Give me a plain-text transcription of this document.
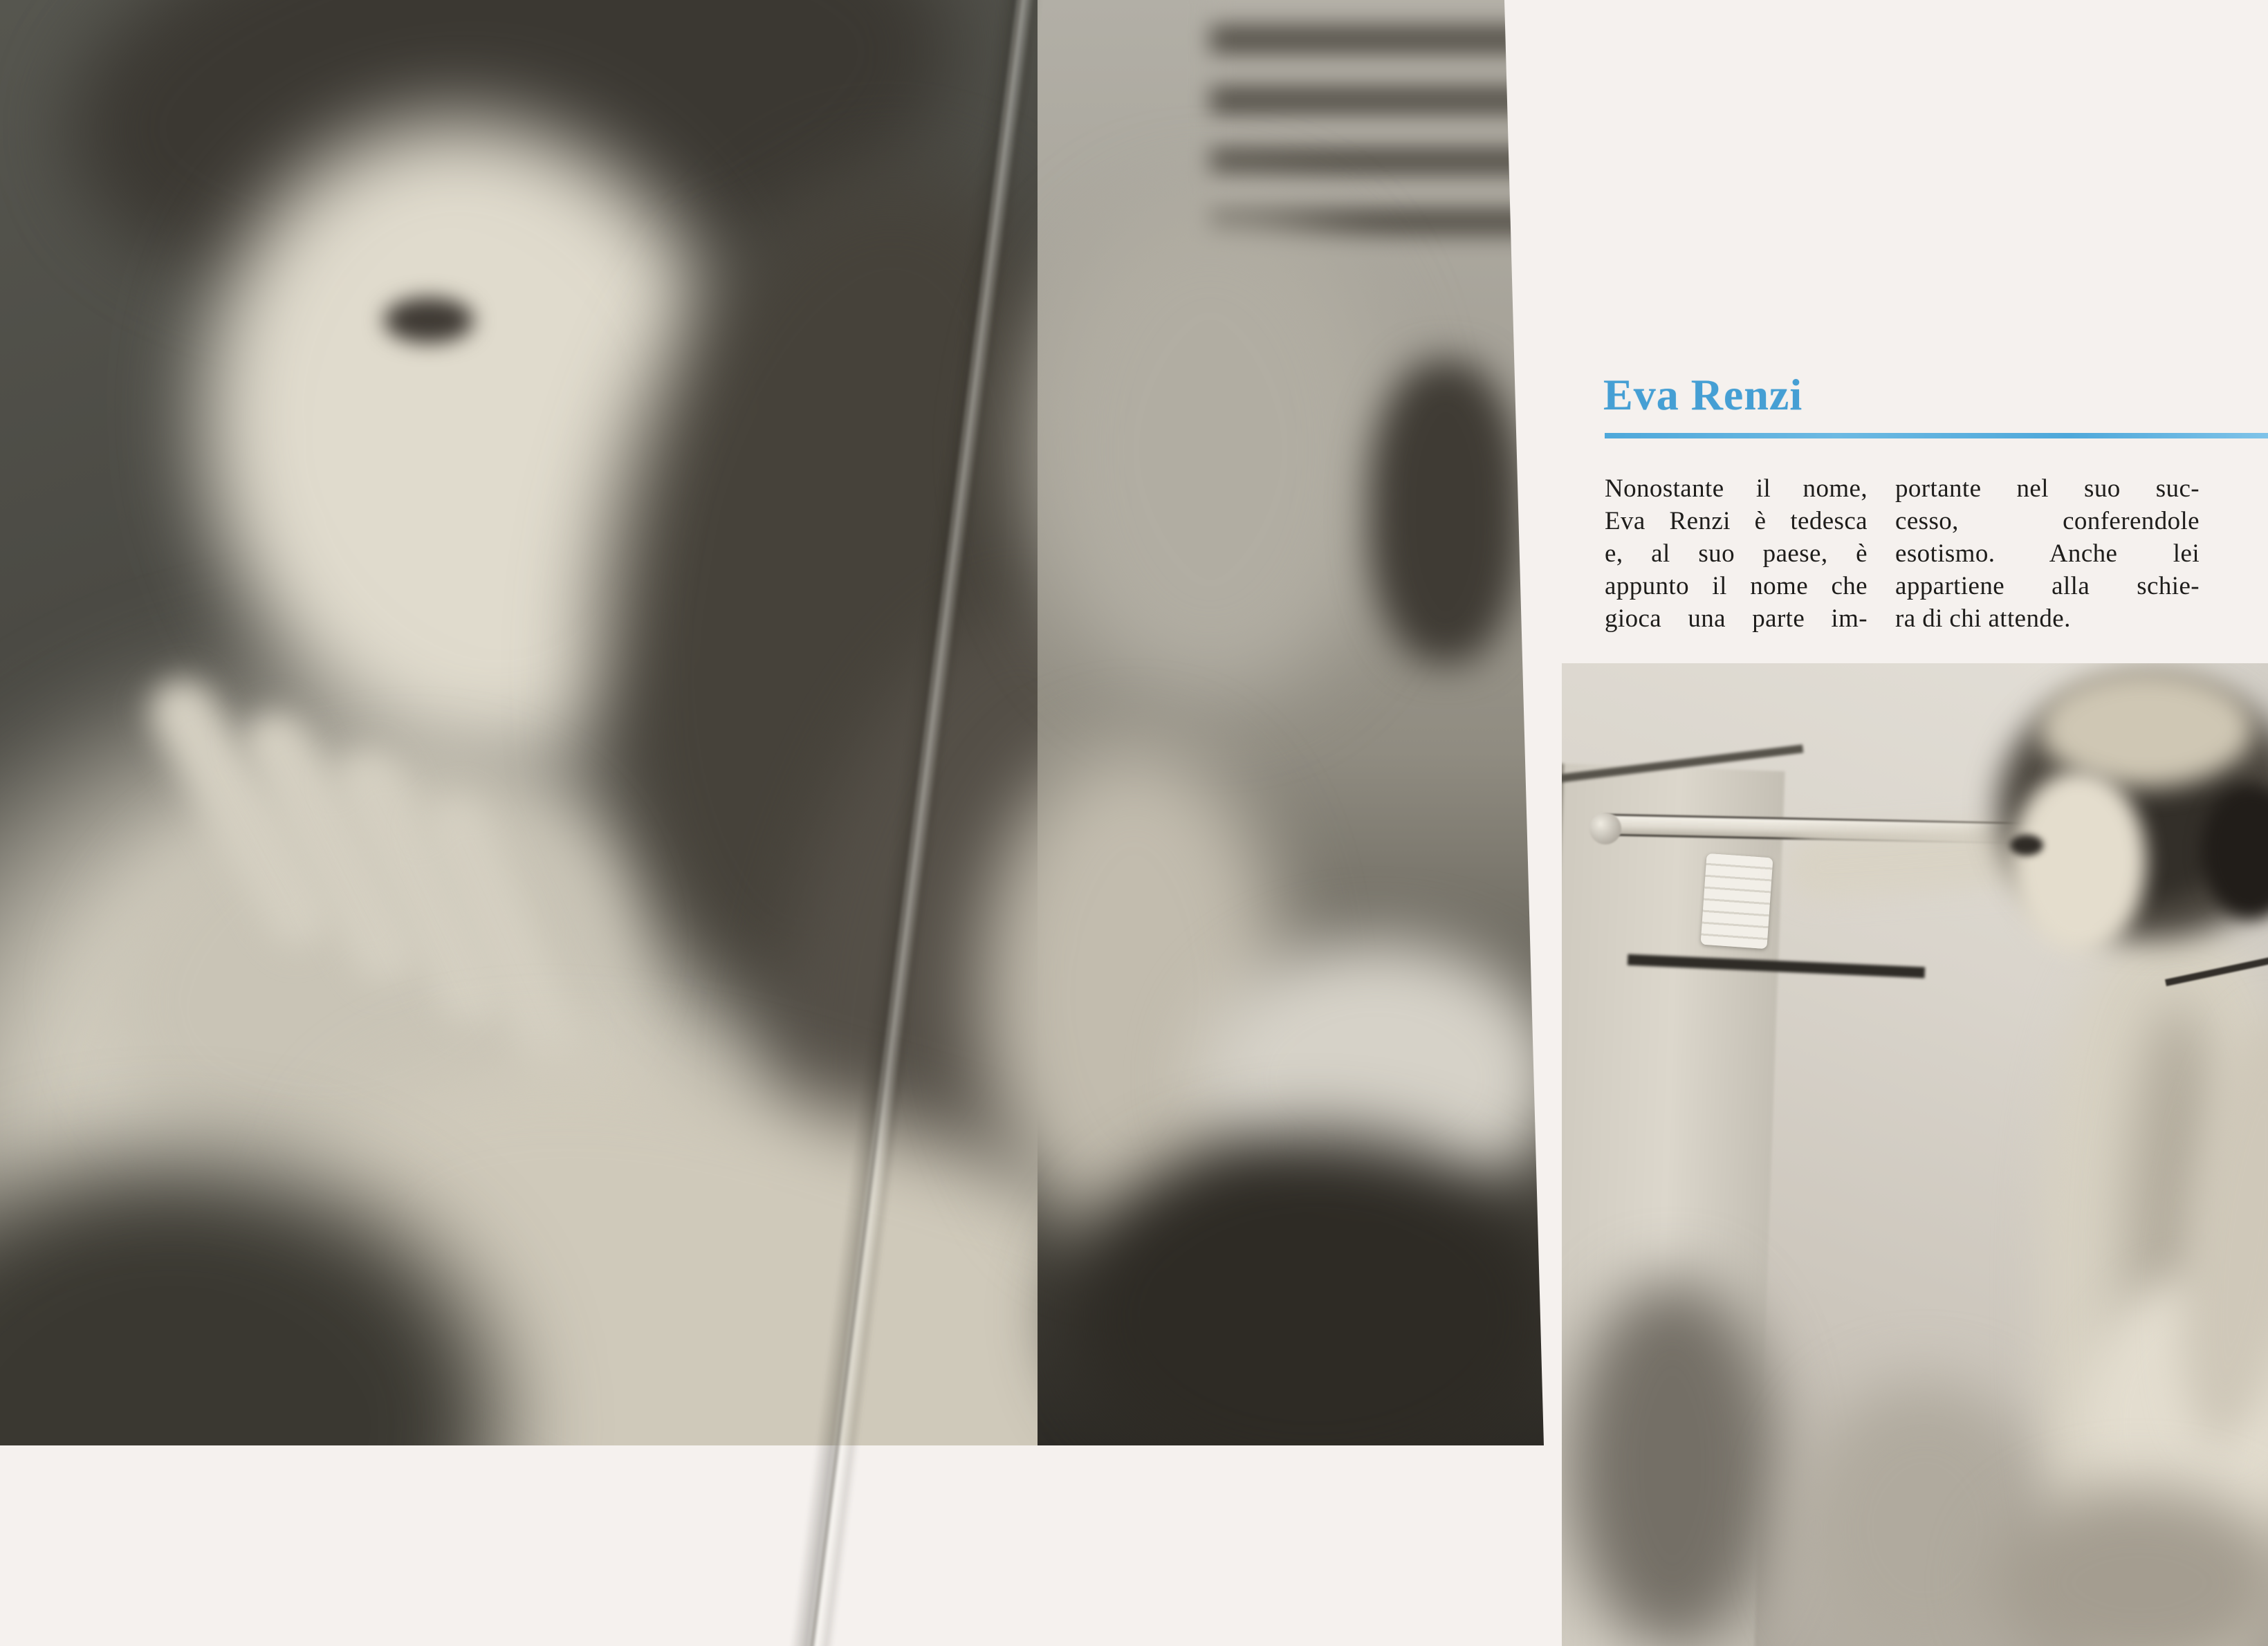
Eva Renzi
Nonostante il nome,
Eva Renzi è tedesca
e, al suo paese, è
appunto il nome che
gioca una parte im-
portante nel suo suc-
cesso, conferendole
esotismo. Anche lei
appartiene alla schie-
ra di chi attende.
